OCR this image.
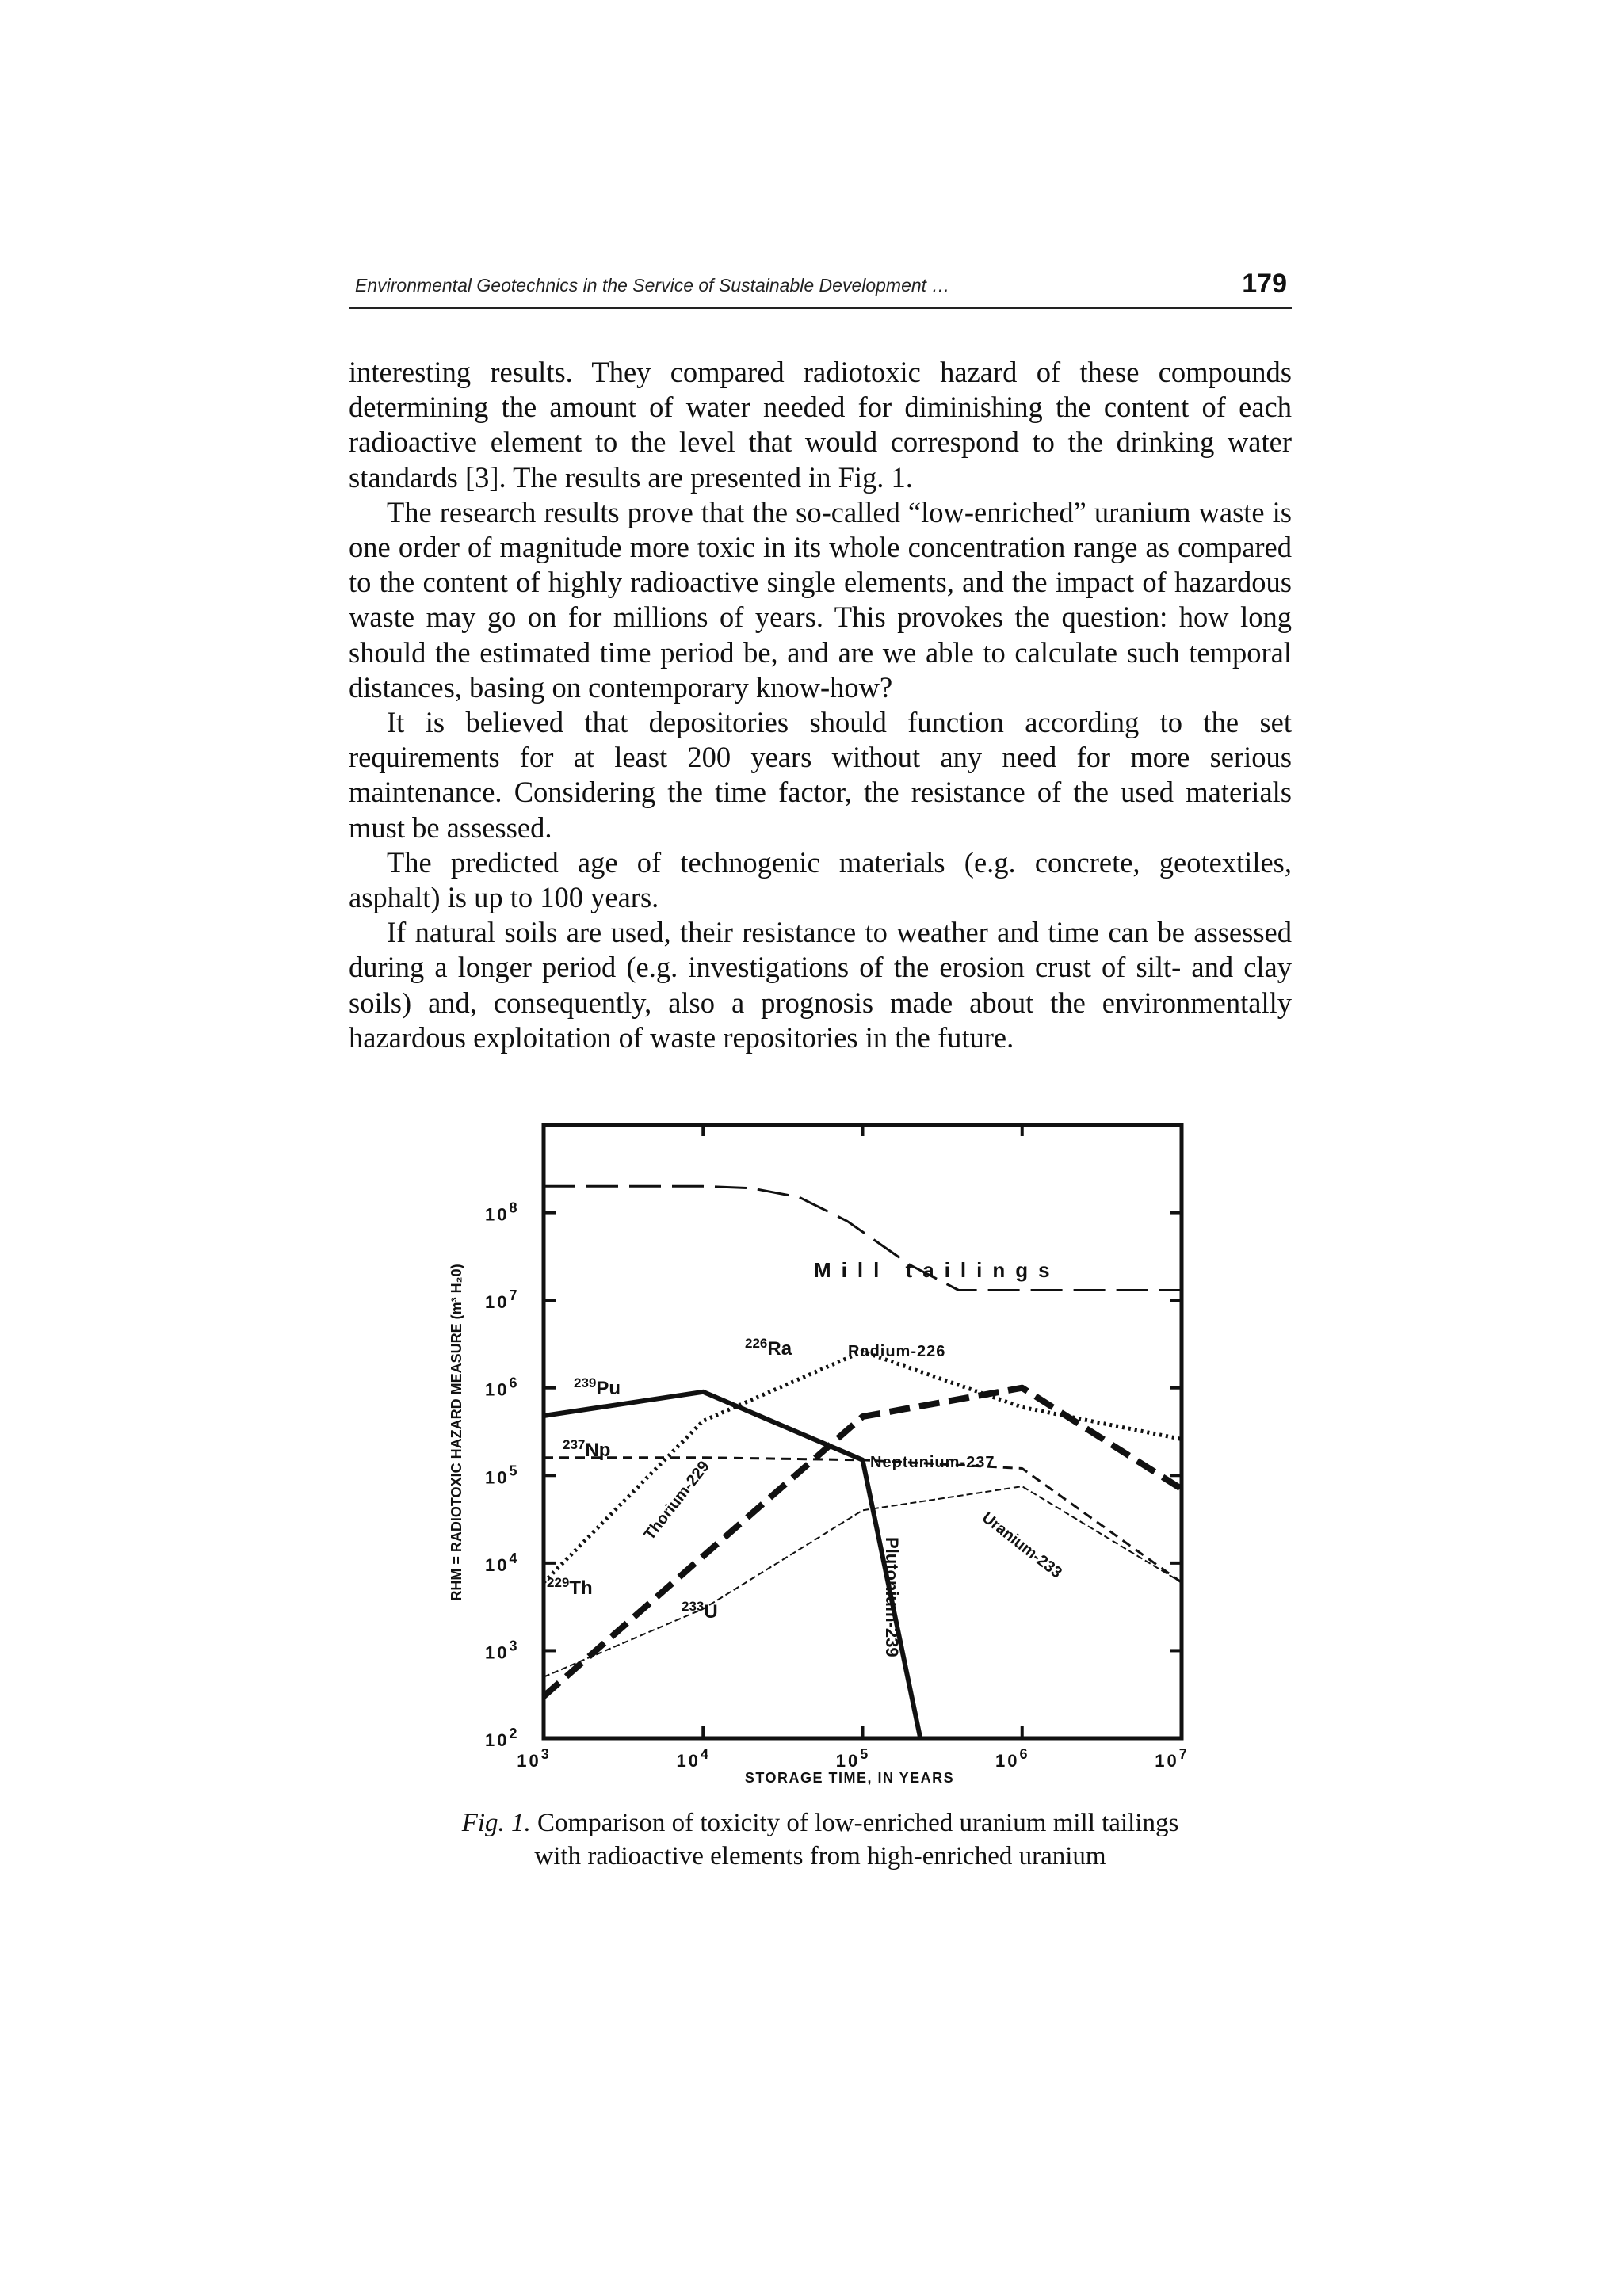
Environmental Geotechnics in the Service of Sustainable Development …	179

interesting results. They compared radiotoxic hazard of these compounds determining the amount of water needed for diminishing the content of each radioactive element to the level that would correspond to the drinking water standards [3]. The results are presented in Fig. 1.

The research results prove that the so-called “low-enriched” uranium waste is one order of magnitude more toxic in its whole concentration range as compared to the content of highly radioactive single elements, and the impact of hazardous waste may go on for millions of years. This provokes the question: how long should the estimated time period be, and are we able to calculate such temporal distances, basing on contemporary know-how?

It is believed that depositories should function according to the set requirements for at least 200 years without any need for more serious maintenance. Considering the time factor, the resistance of the used materials must be assessed.

The predicted age of technogenic materials (e.g. concrete, geotextiles, asphalt) is up to 100 years.

If natural soils are used, their resistance to weather and time can be assessed during a longer period (e.g. investigations of the erosion crust of silt- and clay soils) and, consequently, also a prognosis made about the environmentally hazardous exploitation of waste repositories in the future.

$10^3$	$10^4$	$10^5$	$10^6$	$10^7$
$10^2$
$10^3$
$10^4$
$10^5$
$10^6$
$10^7$
$10^8$
STORAGE TIME, IN YEARS
RHM = RADIOTOXIC HAZARD MEASURE (m³ H₂0)	Mill tailings
$^{226}$Ra	Radium-226
$^{239}$Pu
$^{237}$Np
Neptunium-237
Thorium-229
Plutonium-239	Uranium-233
$^{229}$Th
$^{233}$U
Fig. 1. Comparison of toxicity of low-enriched uranium mill tailings
with radioactive elements from high-enriched uranium
